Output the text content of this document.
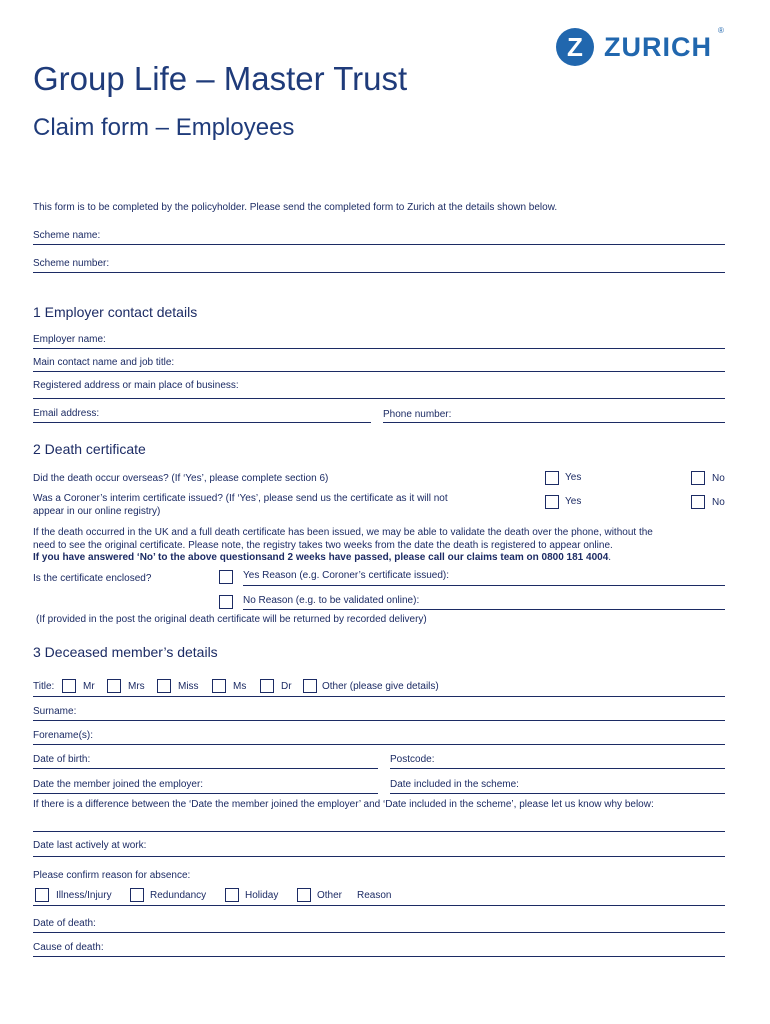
Z ZURICH
®
Group Life – Master Trust
Claim form – Employees
This form is to be completed by the policyholder. Please send the completed form to Zurich at the details shown below.
Scheme name:
Scheme number:
1 Employer contact details
Employer name:
Main contact name and job title:
Registered address or main place of business:
Email address:	Phone number:
2 Death certificate
Did the death occur overseas? (If ‘Yes’, please complete section 6)	Yes	No
Was a Coroner’s interim certificate issued? (If ‘Yes’, please send us the certificate as it will not
appear in our online registry)
Yes	No
If the death occurred in the UK and a full death certificate has been issued, we may be able to validate the death over the phone, without the
need to see the original certificate. Please note, the registry takes two weeks from the date the death is registered to appear online.
If you have answered ‘No’ to the above questionsand 2 weeks have passed, please call our claims team on 0800 181 4004.
Is the certificate enclosed?	Yes Reason (e.g. Coroner’s certificate issued):
No Reason (e.g. to be validated online):
(If provided in the post the original death certificate will be returned by recorded delivery)
3 Deceased member’s details
Title:	Mr	Mrs	Miss	Ms	Dr	Other (please give details)
Surname:
Forename(s):
Date of birth:	Postcode:
Date the member joined the employer:	Date included in the scheme:
If there is a difference between the ‘Date the member joined the employer’ and ‘Date included in the scheme’, please let us know why below:
Date last actively at work:
Please confirm reason for absence:
Illness/Injury	Redundancy	Holiday	Other Reason
Date of death:
Cause of death:
